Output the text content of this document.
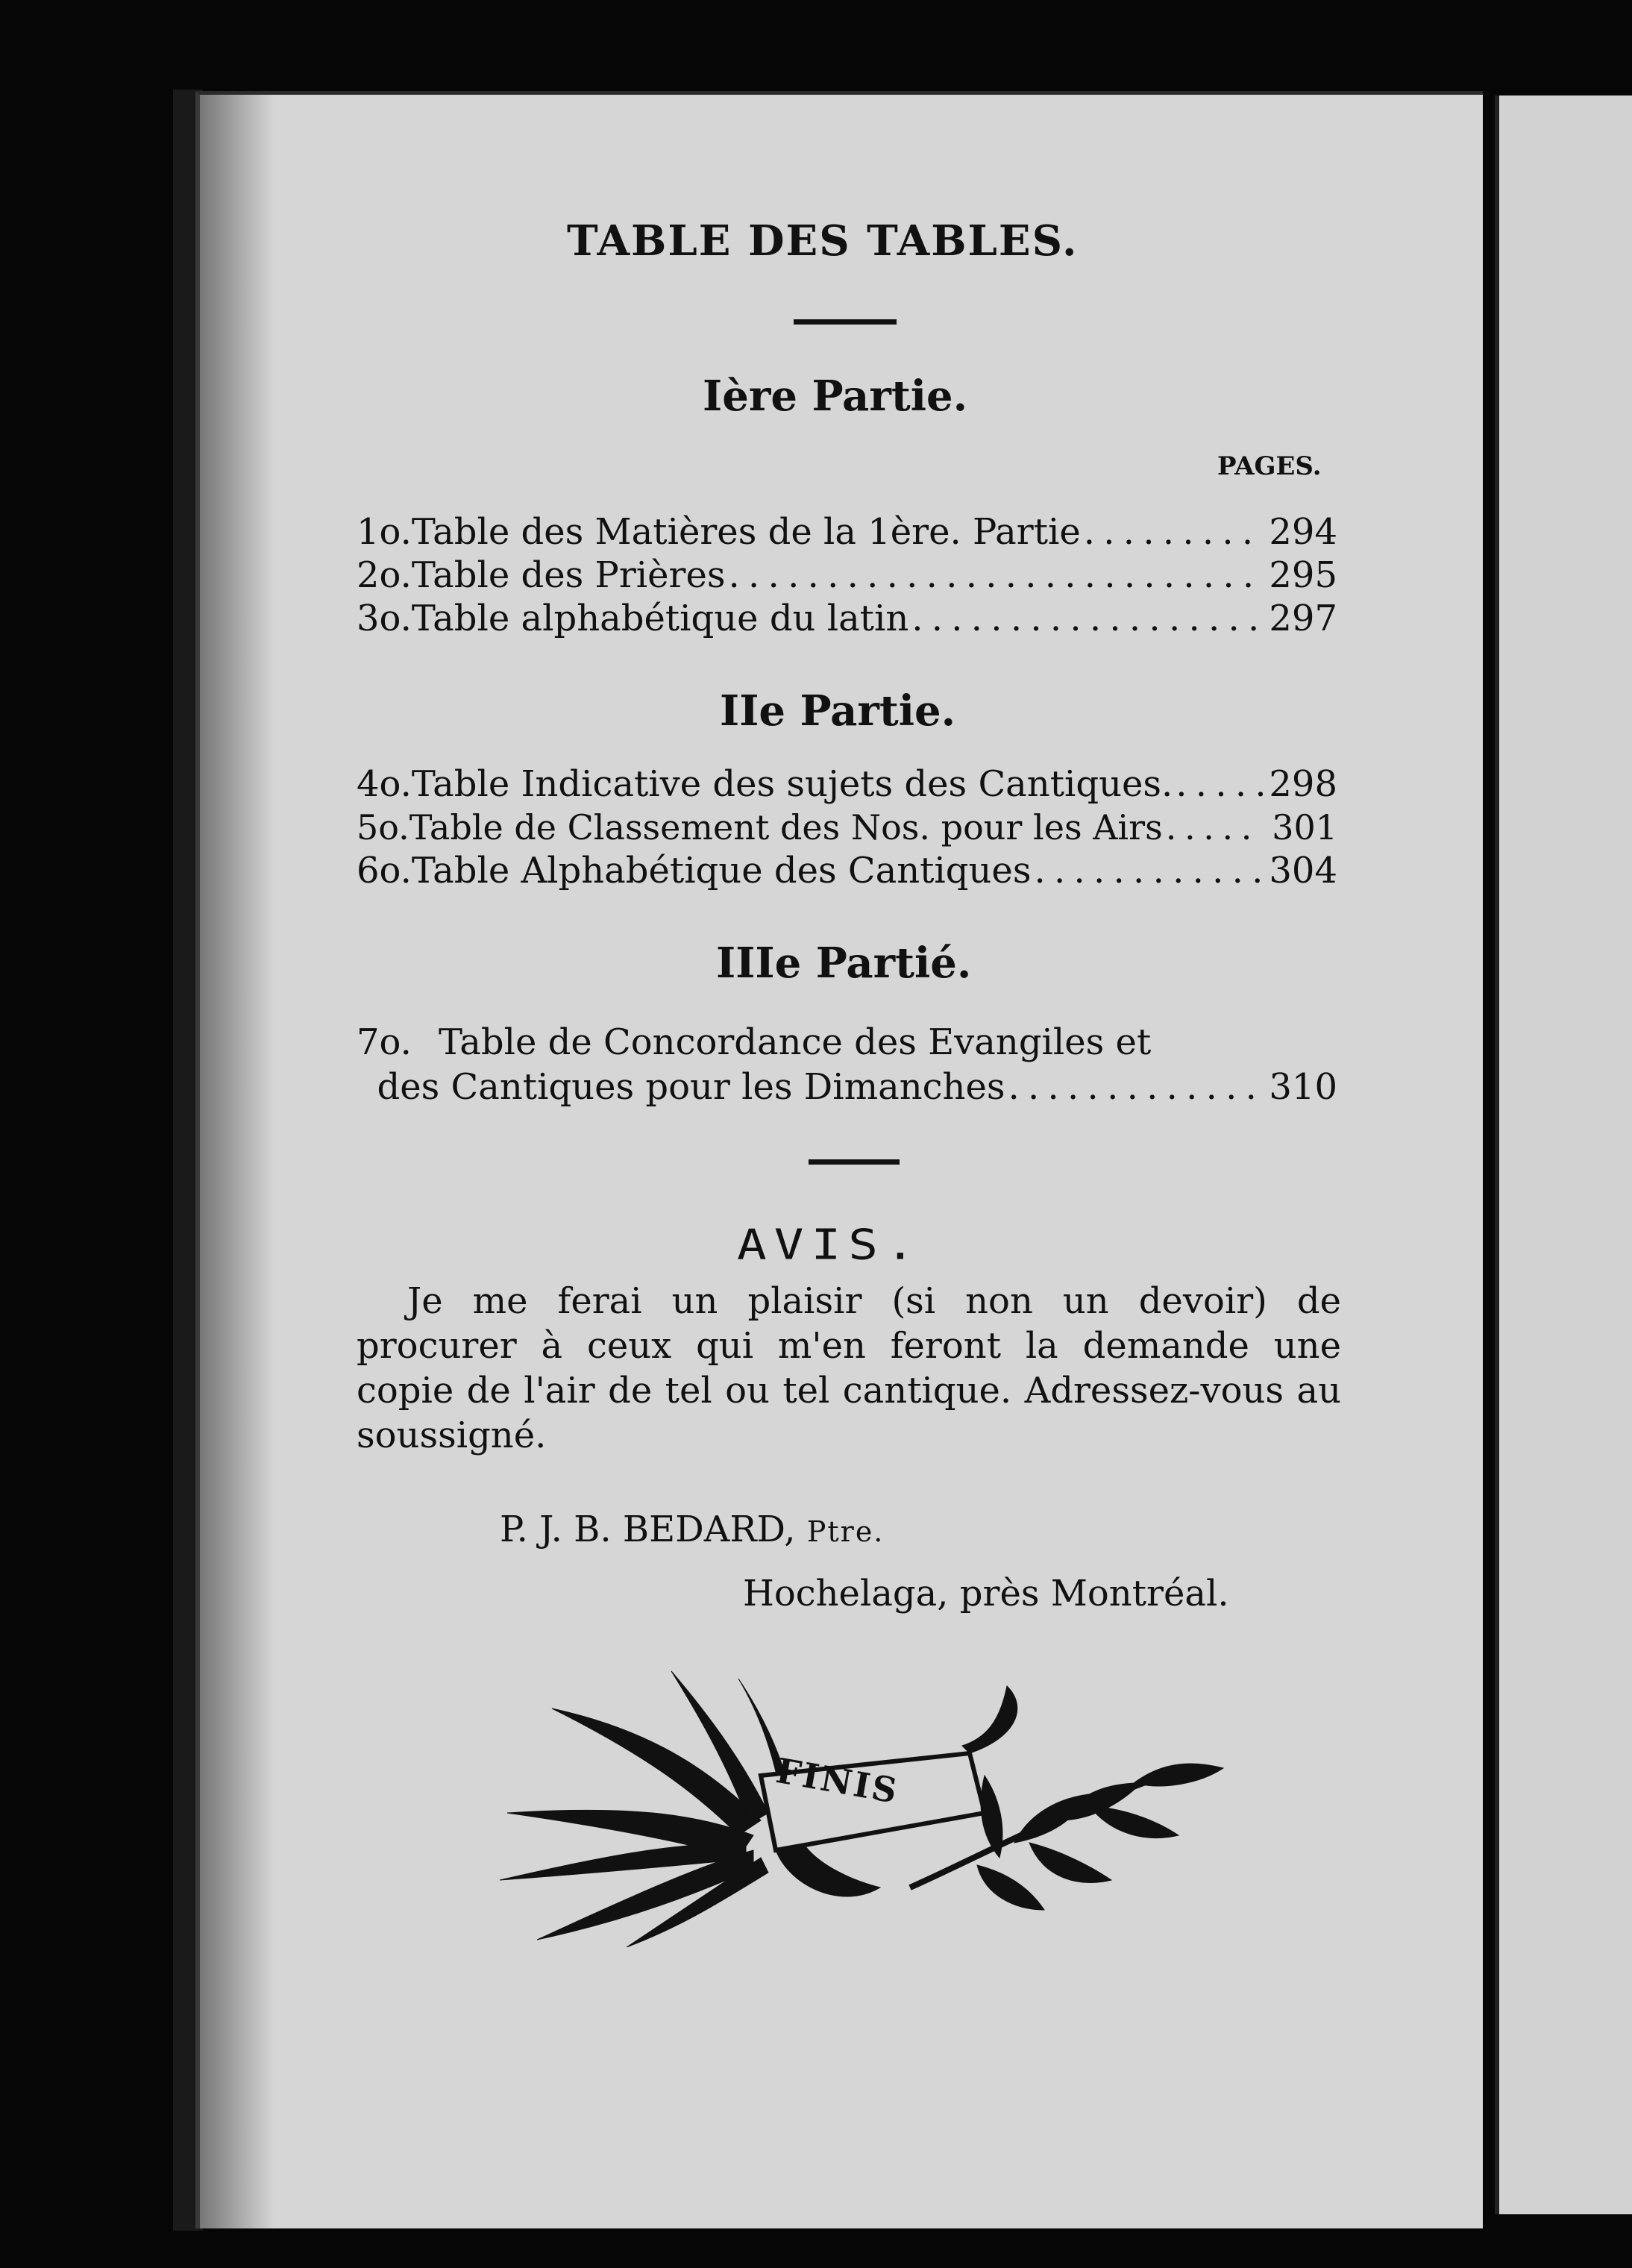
TABLE DES TABLES.
PAGES.
Ière Partie.
1o. Table des Matières de la 1ère. Partie . . .	294
2o. Table des Prières . . .	295
3o. Table alphabétique du latin . . .	297
IIe Partie.
4o. Table Indicative des sujets des Cantiques. . . .	298
5o. Table de Classement des Nos. pour les Airs . . .	301
6o. Table Alphabétique des Cantiques . . .	304
IIIe Partié.
7o. Table de Concordance des Evangiles et
des Cantiques pour les Dimanches . . .	310
AVIS.
Je me ferai un plaisir (si non un devoir) de procurer à ceux qui m'en feront la demande une copie de l'air de tel ou tel cantique. Adressez-vous au soussigné.
P. J. B. BEDARD, Ptre.
Hochelaga, près Montréal.
FINIS
